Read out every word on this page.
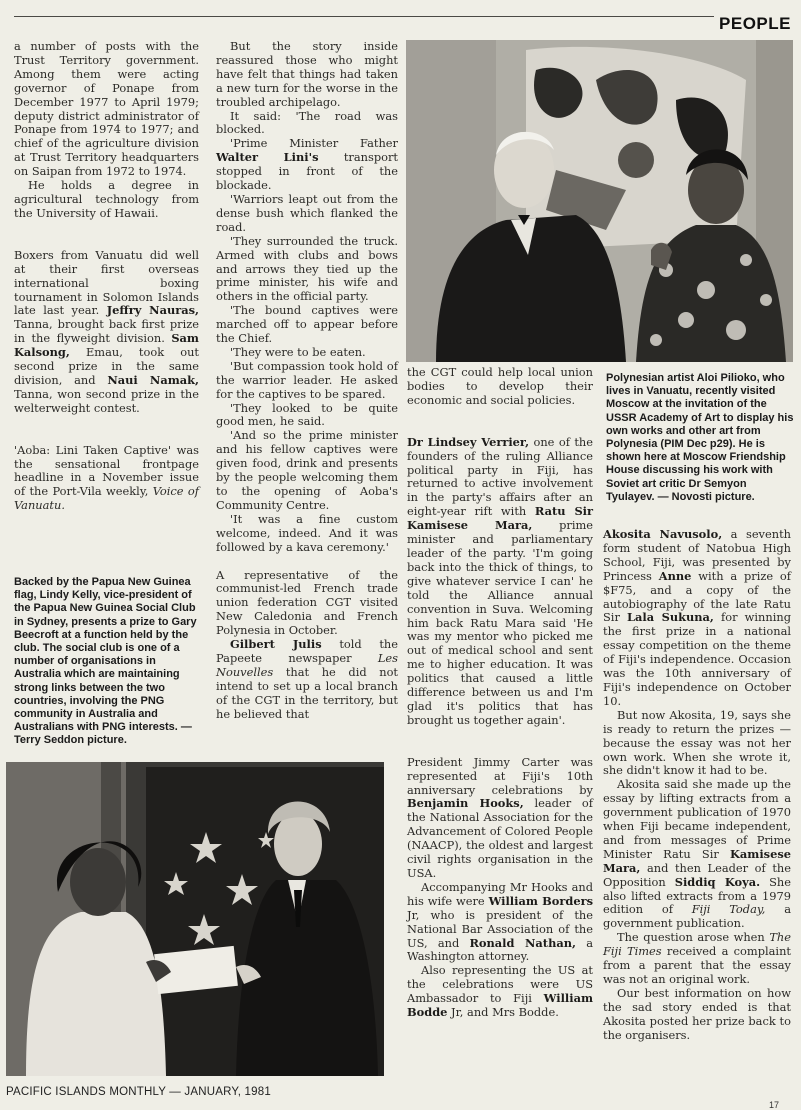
PEOPLE

a number of posts with the Trust Territory government. Among them were acting governor of Ponape from December 1977 to April 1979; deputy district administrator of Ponape from 1974 to 1977; and chief of the agriculture division at Trust Territory headquarters on Saipan from 1972 to 1974.

He holds a degree in agricultural technology from the University of Hawaii.

Boxers from Vanuatu did well at their first overseas international boxing tournament in Solomon Islands late last year. Jeffry Nauras, Tanna, brought back first prize in the flyweight division. Sam Kalsong, Emau, took out second prize in the same division, and Naui Namak, Tanna, won second prize in the welterweight contest.

'Aoba: Lini Taken Captive' was the sensational frontpage headline in a November issue of the Port-Vila weekly, Voice of Vanuatu.

Backed by the Papua New Guinea flag, Lindy Kelly, vice-president of the Papua New Guinea Social Club in Sydney, presents a prize to Gary Beecroft at a function held by the club. The social club is one of a number of organisations in Australia which are maintaining strong links between the two countries, involving the PNG community in Australia and Australians with PNG interests. — Terry Seddon picture.

But the story inside reassured those who might have felt that things had taken a new turn for the worse in the troubled archipelago.

It said: 'The road was blocked.

'Prime Minister Father Walter Lini's transport stopped in front of the blockade.

'Warriors leapt out from the dense bush which flanked the road.

'They surrounded the truck. Armed with clubs and bows and arrows they tied up the prime minister, his wife and others in the official party.

'The bound captives were marched off to appear before the Chief.

'They were to be eaten.

'But compassion took hold of the warrior leader. He asked for the captives to be spared.

'They looked to be quite good men, he said.

'And so the prime minister and his fellow captives were given food, drink and presents by the people welcoming them to the opening of Aoba's Community Centre.

'It was a fine custom welcome, indeed. And it was followed by a kava ceremony.'

A representative of the communist-led French trade union federation CGT visited New Caledonia and French Polynesia in October.

Gilbert Julis told the Papeete newspaper Les Nouvelles that he did not intend to set up a local branch of the CGT in the territory, but he believed that

Polynesian artist Aloi Pilioko, who lives in Vanuatu, recently visited Moscow at the invitation of the USSR Academy of Art to display his own works and other art from Polynesia (PIM Dec p29). He is shown here at Moscow Friendship House discussing his work with Soviet art critic Dr Semyon Tyulayev. — Novosti picture.

the CGT could help local union bodies to develop their economic and social policies.

Dr Lindsey Verrier, one of the founders of the ruling Alliance political party in Fiji, has returned to active involvement in the party's affairs after an eight-year rift with Ratu Sir Kamisese Mara, prime minister and parliamentary leader of the party. 'I'm going back into the thick of things, to give whatever service I can' he told the Alliance annual convention in Suva. Welcoming him back Ratu Mara said 'He was my mentor who picked me out of medical school and sent me to higher education. It was politics that caused a little difference between us and I'm glad it's politics that has brought us together again'.

President Jimmy Carter was represented at Fiji's 10th anniversary celebrations by Benjamin Hooks, leader of the National Association for the Advancement of Colored People (NAACP), the oldest and largest civil rights organisation in the USA.

Accompanying Mr Hooks and his wife were William Borders Jr, who is president of the National Bar Association of the US, and Ronald Nathan, a Washington attorney.

Also representing the US at the celebrations were US Ambassador to Fiji William Bodde Jr, and Mrs Bodde.

Akosita Navusolo, a seventh form student of Natobua High School, Fiji, was presented by Princess Anne with a prize of $F75, and a copy of the autobiography of the late Ratu Sir Lala Sukuna, for winning the first prize in a national essay competition on the theme of Fiji's independence. Occasion was the 10th anniversary of Fiji's independence on October 10.

But now Akosita, 19, says she is ready to return the prizes — because the essay was not her own work. When she wrote it, she didn't know it had to be.

Akosita said she made up the essay by lifting extracts from a government publication of 1970 when Fiji became independent, and from messages of Prime Minister Ratu Sir Kamisese Mara, and then Leader of the Opposition Siddiq Koya. She also lifted extracts from a 1979 edition of Fiji Today, a government publication.

The question arose when The Fiji Times received a complaint from a parent that the essay was not an original work.

Our best information on how the sad story ended is that Akosita posted her prize back to the organisers.

PACIFIC ISLANDS MONTHLY — JANUARY, 1981
17
